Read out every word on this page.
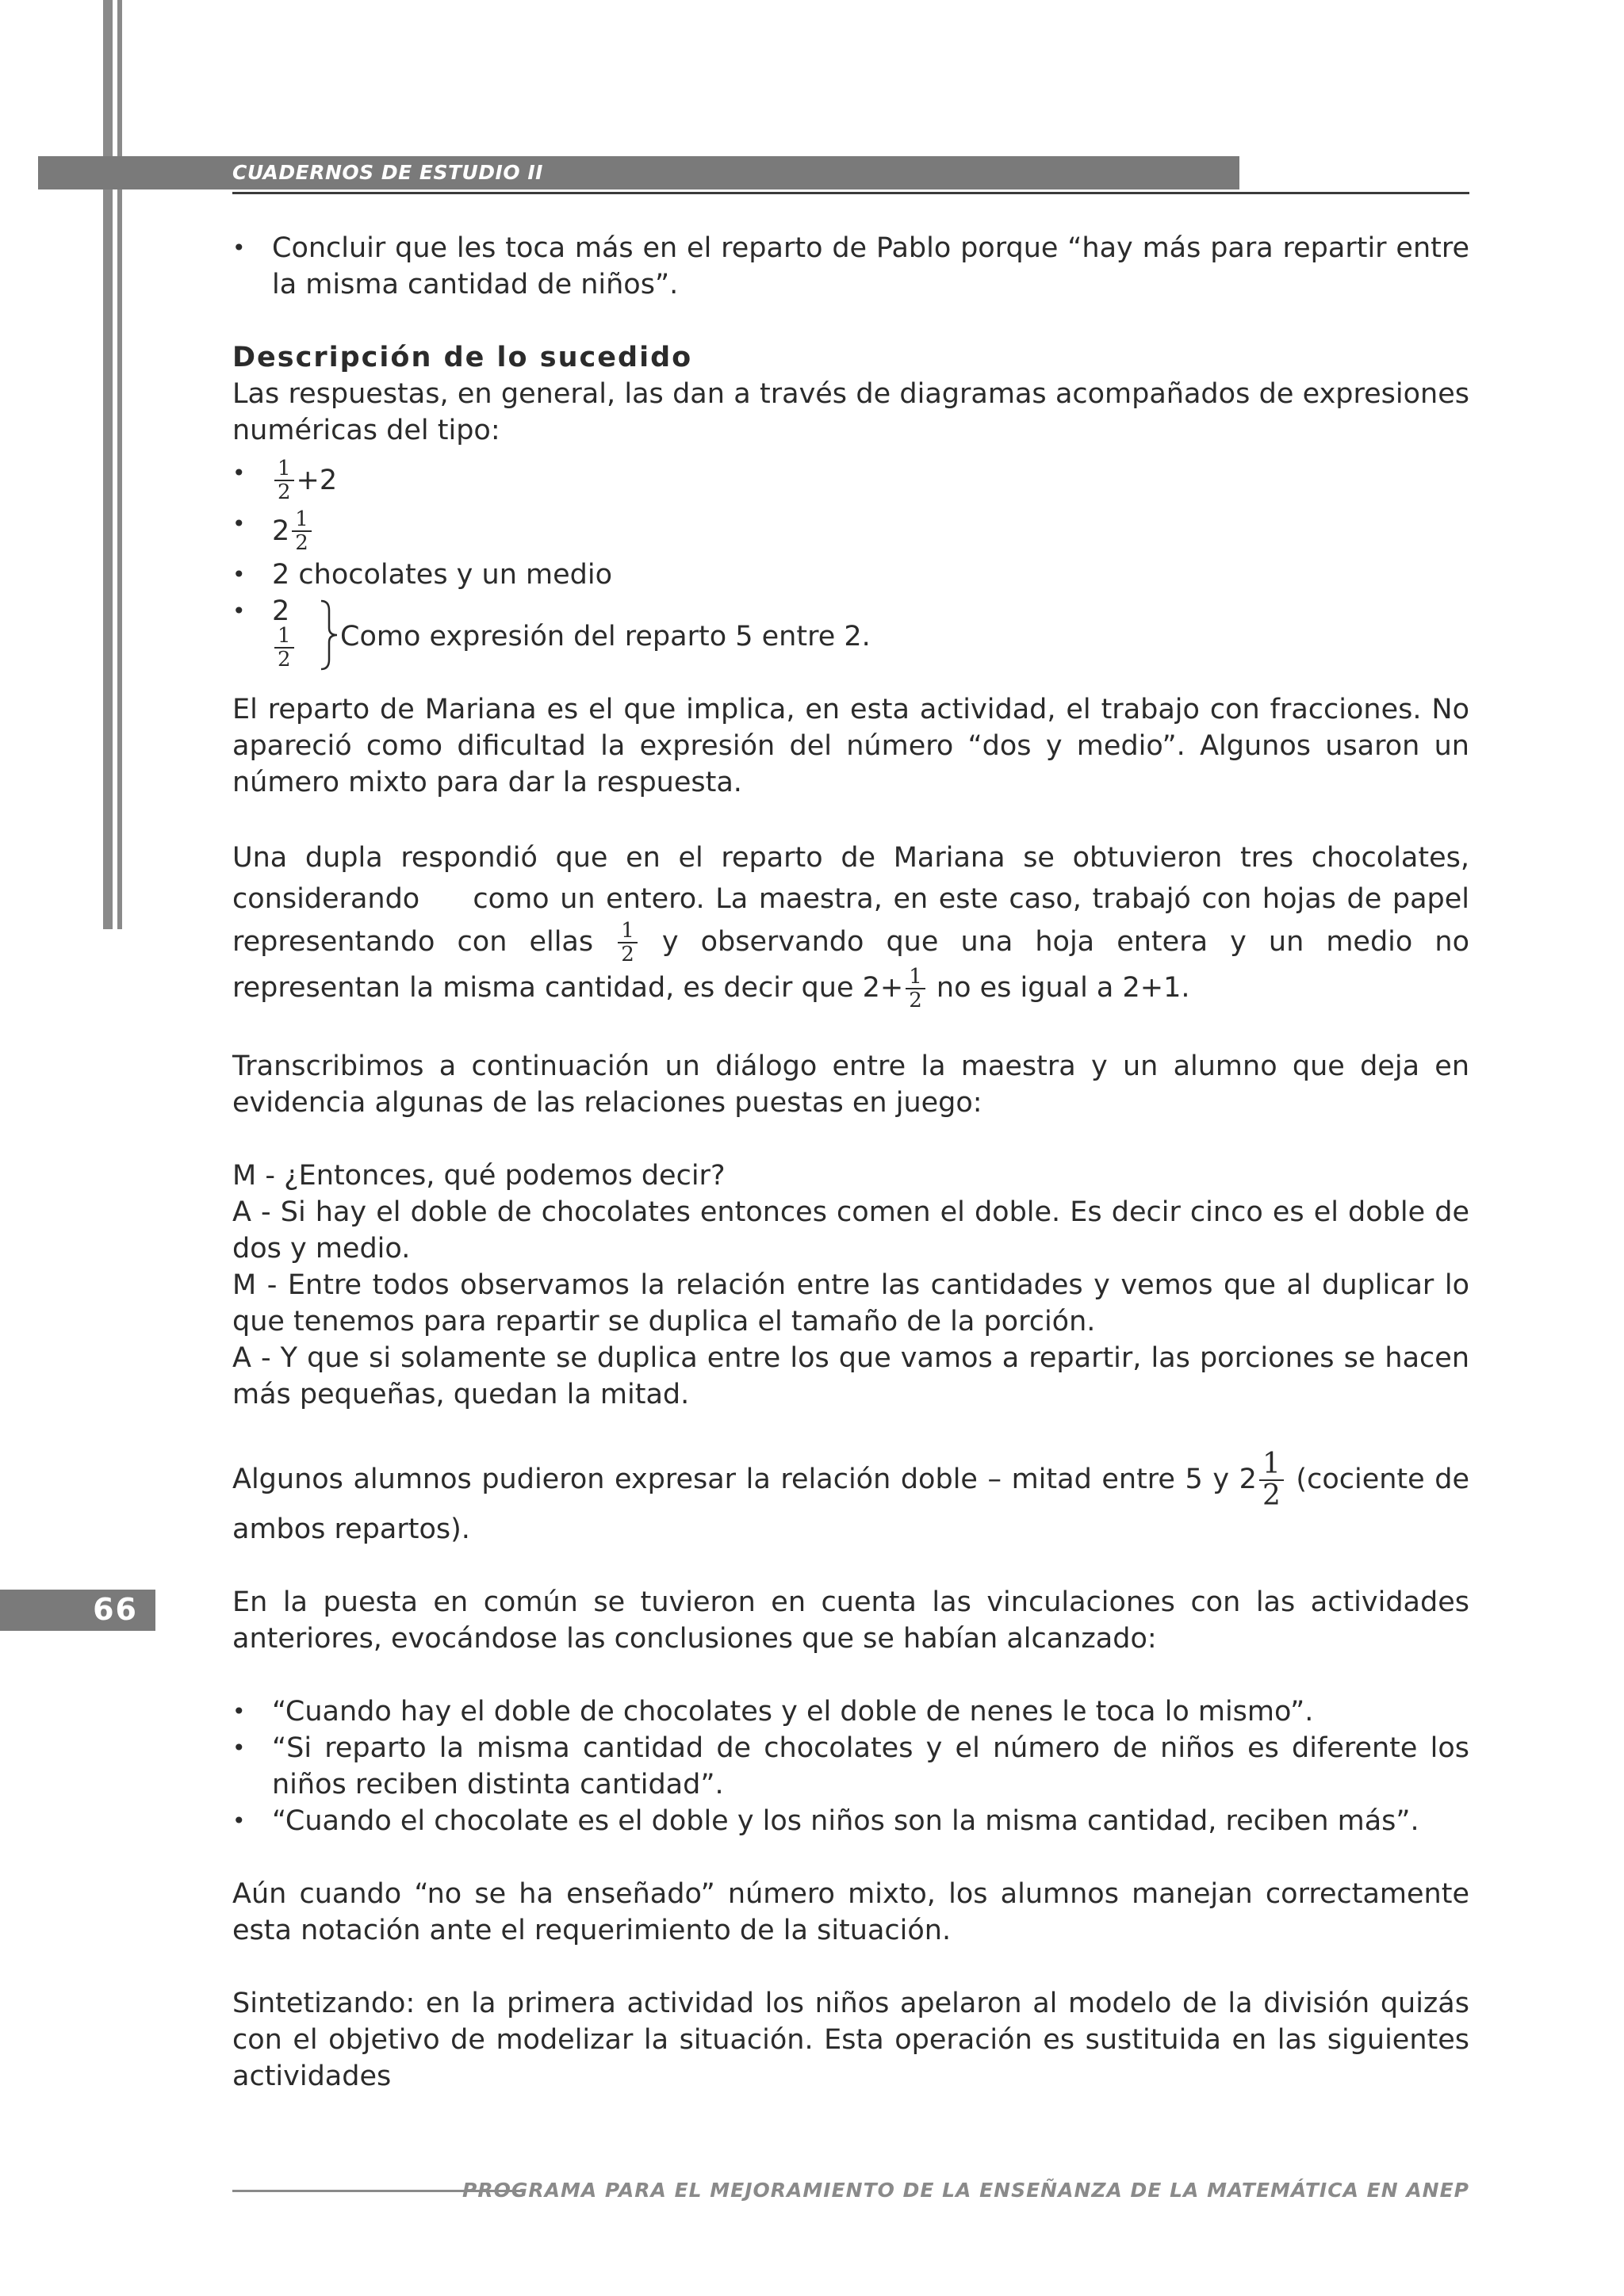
CUADERNOS DE ESTUDIO II
66
• Concluir que les toca más en el reparto de Pablo porque “hay más para repartir entre la misma cantidad de niños”.

Descripción de lo sucedido

Las respuestas, en general, las dan a través de diagramas acompañados de expresiones numéricas del tipo:

• $\frac{1}{2} +2$
• $2 \frac{1}{2}$
• 2 chocolates y un medio
• 2
$\frac{1}{2}$ Como expresión del reparto 5 entre 2.

El reparto de Mariana es el que implica, en esta actividad, el trabajo con fracciones. No apareció como dificultad la expresión del número “dos y medio”. Algunos usaron un número mixto para dar la respuesta.

Una dupla respondió que en el reparto de Mariana se obtuvieron tres chocolates, considerando  como un entero. La maestra, en este caso, trabajó con hojas de papel representando con ellas $\frac{1}{2}$ y observando que una hoja entera y un medio no representan la misma cantidad, es decir que $2+ \frac{1}{2}$ no es igual a 2+1.

Transcribimos a continuación un diálogo entre la maestra y un alumno que deja en evidencia algunas de las relaciones puestas en juego:

M - ¿Entonces, qué podemos decir?

A - Si hay el doble de chocolates entonces comen el doble. Es decir cinco es el doble de dos y medio.

M - Entre todos observamos la relación entre las cantidades y vemos que al duplicar lo que tenemos para repartir se duplica el tamaño de la porción.

A - Y que si solamente se duplica entre los que vamos a repartir, las porciones se hacen más pequeñas, quedan la mitad.

Algunos alumnos pudieron expresar la relación doble – mitad entre 5 y $2 \frac{1}{2}$ (cociente de ambos repartos).

En la puesta en común se tuvieron en cuenta las vinculaciones con las actividades anteriores, evocándose las conclusiones que se habían alcanzado:

• “Cuando hay el doble de chocolates y el doble de nenes le toca lo mismo”.
• “Si reparto la misma cantidad de chocolates y el número de niños es diferente los niños reciben distinta cantidad”.
• “Cuando el chocolate es el doble y los niños son la misma cantidad, reciben más”.

Aún cuando “no se ha enseñado” número mixto, los alumnos manejan correctamente esta notación ante el requerimiento de la situación.

Sintetizando: en la primera actividad los niños apelaron al modelo de la división quizás con el objetivo de modelizar la situación. Esta operación es sustituida en las siguientes actividades

PROGRAMA PARA EL MEJORAMIENTO DE LA ENSEÑANZA DE LA MATEMÁTICA EN ANEP
